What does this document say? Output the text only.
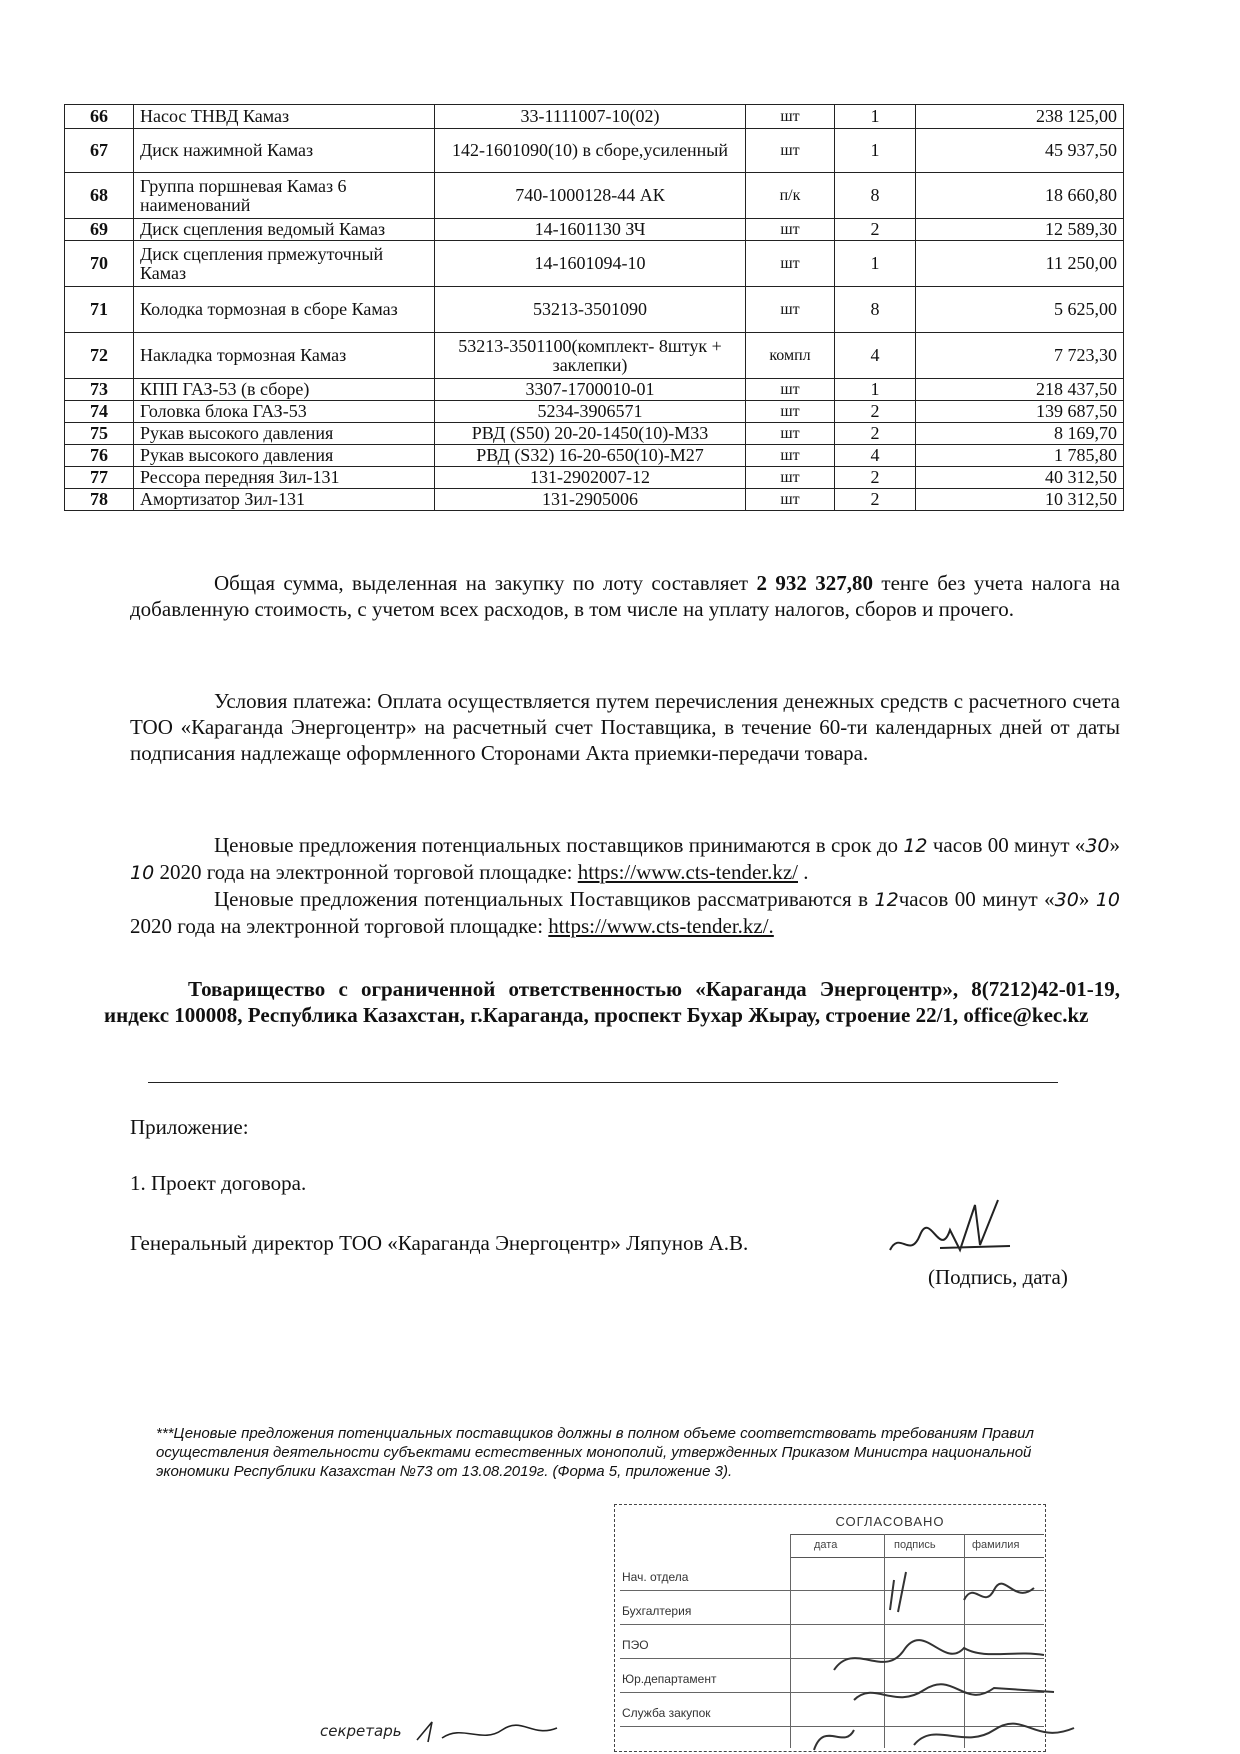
66	Насос ТНВД Камаз	33-1111007-10(02)	шт	1	238 125,00
67	Диск нажимной Камаз	142-1601090(10) в сборе,усиленный	шт	1	45 937,50
68	Группа поршневая Камаз 6 наименований	740-1000128-44 АК	п/к	8	18 660,80
69	Диск сцепления ведомый Камаз	14-1601130 ЗЧ	шт	2	12 589,30
70	Диск сцепления прмежуточный Камаз	14-1601094-10	шт	1	11 250,00
71	Колодка тормозная в сборе Камаз	53213-3501090	шт	8	5 625,00
72	Накладка тормозная Камаз	53213-3501100(комплект- 8штук + заклепки)	компл	4	7 723,30
73	КПП ГАЗ-53 (в сборе)	3307-1700010-01	шт	1	218 437,50
74	Головка блока ГАЗ-53	5234-3906571	шт	2	139 687,50
75	Рукав высокого давления	РВД (S50) 20-20-1450(10)-М33	шт	2	8 169,70
76	Рукав высокого давления	РВД (S32) 16-20-650(10)-М27	шт	4	1 785,80
77	Рессора передняя Зил-131	131-2902007-12	шт	2	40 312,50
78	Амортизатор Зил-131	131-2905006	шт	2	10 312,50

Общая сумма, выделенная на закупку по лоту составляет 2 932 327,80 тенге без учета налога на добавленную стоимость, с учетом всех расходов, в том числе на уплату налогов, сборов и прочего.

Условия платежа: Оплата осуществляется путем перечисления денежных средств с расчетного счета ТОО «Караганда Энергоцентр» на расчетный счет Поставщика, в течение 60-ти календарных дней от даты подписания надлежаще оформленного Сторонами Акта приемки-передачи товара.

Ценовые предложения потенциальных поставщиков принимаются в срок до 12 часов 00 минут «30» 10 2020 года на электронной торговой площадке: https://www.cts-tender.kz/ .

Ценовые предложения потенциальных Поставщиков рассматриваются в 12часов 00 минут «30» 10 2020 года на электронной торговой площадке: https://www.cts-tender.kz/.

Товарищество с ограниченной ответственностью «Караганда Энергоцентр», 8(7212)42-01-19, индекс 100008, Республика Казахстан, г.Караганда, проспект Бухар Жырау, строение 22/1, office@kec.kz

Приложение:
1. Проект договора.
Генеральный директор ТОО «Караганда Энергоцентр» Ляпунов А.В.
(Подпись, дата)
***Ценовые предложения потенциальных поставщиков должны в полном объеме соответствовать требованиям Правил осуществления деятельности субъектами естественных монополий, утвержденных Приказом Министра национальной экономики Республики Казахстан №73 от 13.08.2019г. (Форма 5, приложение 3).
СОГЛАСОВАНО
дата	подпись	фамилия
Нач. отдела
Бухгалтерия
ПЭО
Юр.департамент
Служба закупок
секретарь
